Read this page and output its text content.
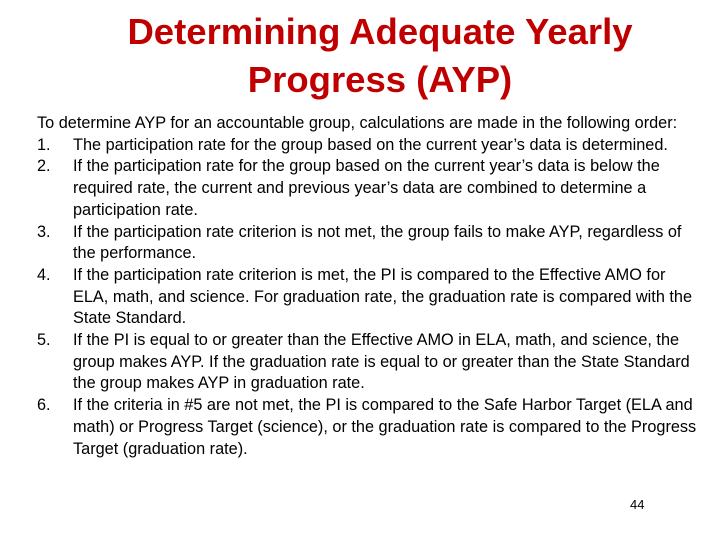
Determining Adequate Yearly
Progress (AYP)

To determine AYP for an accountable group, calculations are made in the following order:

1. The participation rate for the group based on the current year’s data is determined.
2. If the participation rate for the group based on the current year’s data is below the required rate, the current and previous year’s data are combined to determine a participation rate.
3. If the participation rate criterion is not met, the group fails to make AYP, regardless of the performance.
4. If the participation rate criterion is met, the PI is compared to the Effective AMO for ELA, math, and science. For graduation rate, the graduation rate is compared with the State Standard.
5. If the PI is equal to or greater than the Effective AMO in ELA, math, and science, the group makes AYP. If the graduation rate is equal to or greater than the State Standard the group makes AYP in graduation rate.
6. If the criteria in #5 are not met, the PI is compared to the Safe Harbor Target (ELA and math) or Progress Target (science), or the graduation rate is compared to the Progress Target (graduation rate).
44
